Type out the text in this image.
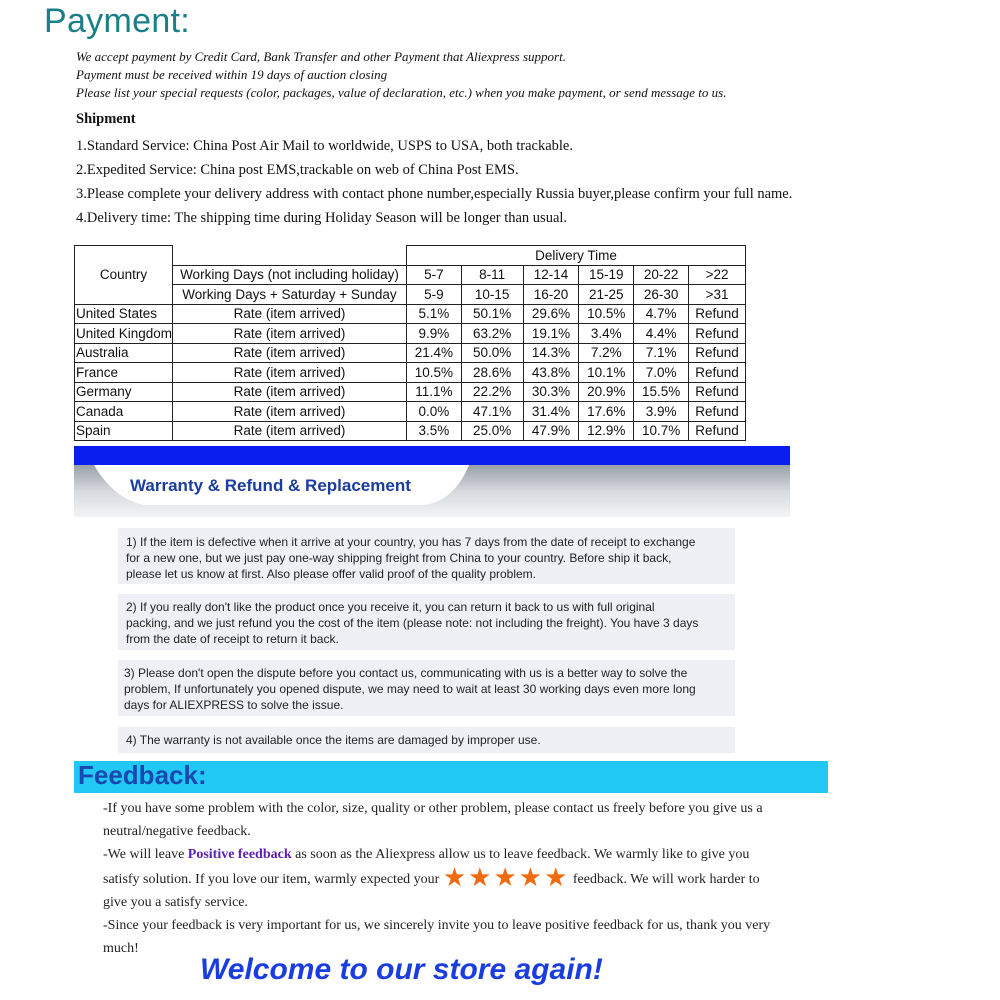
Payment:
We accept payment by Credit Card, Bank Transfer and other Payment that Aliexpress support.
Payment must be received within 19 days of auction closing
Please list your special requests (color, packages, value of declaration, etc.) when you make payment, or send message to us.
Shipment
1.Standard Service: China Post Air Mail to worldwide, USPS to USA, both trackable.
2.Expedited Service: China post EMS,trackable on web of China Post EMS.
3.Please complete your delivery address with contact phone number,especially Russia buyer,please confirm your full name.
4.Delivery time: The shipping time during Holiday Season will be longer than usual.
Country		Delivery Time					
	Working Days (not including holiday)	5-7	8-11	12-14	15-19	20-22	>22
	Working Days + Saturday + Sunday	5-9	10-15	16-20	21-25	26-30	>31
United States	Rate (item arrived)	5.1%	50.1%	29.6%	10.5%	4.7%	Refund
United Kingdom	Rate (item arrived)	9.9%	63.2%	19.1%	3.4%	4.4%	Refund
Australia	Rate (item arrived)	21.4%	50.0%	14.3%	7.2%	7.1%	Refund
France	Rate (item arrived)	10.5%	28.6%	43.8%	10.1%	7.0%	Refund
Germany	Rate (item arrived)	11.1%	22.2%	30.3%	20.9%	15.5%	Refund
Canada	Rate (item arrived)	0.0%	47.1%	31.4%	17.6%	3.9%	Refund
Spain	Rate (item arrived)	3.5%	25.0%	47.9%	12.9%	10.7%	Refund
Warranty & Refund & Replacement

1) If the item is defective when it arrive at your country, you has 7 days from the date of receipt to exchange

for a new one, but we just pay one-way shipping freight from China to your country. Before ship it back,

please let us know at first. Also please offer valid proof of the quality problem.

2) If you really don't like the product once you receive it, you can return it back to us with full original

packing, and we just refund you the cost of the item (please note: not including the freight). You have 3 days

from the date of receipt to return it back.

3) Please don't open the dispute before you contact us, communicating with us is a better way to solve the

problem, If unfortunately you opened dispute, we may need to wait at least 30 working days even more long

days for ALIEXPRESS to solve the issue.

4) The warranty is not available once the items are damaged by improper use.

Feedback:
-If you have some problem with the color, size, quality or other problem, please contact us freely before you give us a
neutral/negative feedback.
-We will leave Positive feedback as soon as the Aliexpress allow us to leave feedback. We warmly like to give you
satisfy solution. If you love our item, warmly expected your ★★★★★ feedback. We will work harder to
give you a satisfy service.
-Since your feedback is very important for us, we sincerely invite you to leave positive feedback for us, thank you very
much!
Welcome to our store again!
